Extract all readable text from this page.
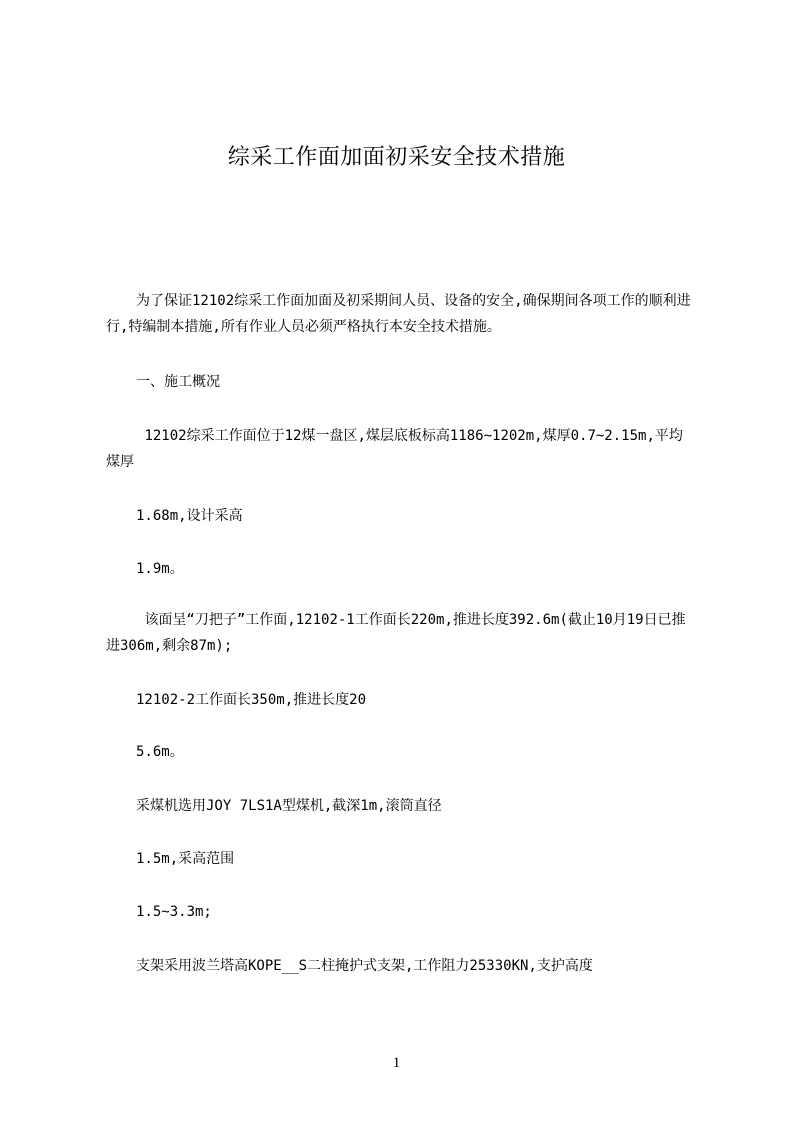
综采工作面加面初采安全技术措施
为了保证12102综采工作面加面及初采期间人员、设备的安全,确保期间各项工作的顺利进行,特编制本措施,所有作业人员必须严格执行本安全技术措施。
一、施工概况
12102综采工作面位于12煤一盘区,煤层底板标高1186~1202m,煤厚0.7~2.15m,平均煤厚
1.68m,设计采高
1.9m。
该面呈“刀把子”工作面,12102-1工作面长220m,推进长度392.6m(截止10月19日已推进306m,剩余87m);
12102-2工作面长350m,推进长度20
5.6m。
采煤机选用JOY 7LS1A型煤机,截深1m,滚筒直径
1.5m,采高范围
1.5~3.3m;
支架采用波兰塔高KOPE__S二柱掩护式支架,工作阻力25330KN,支护高度
1
